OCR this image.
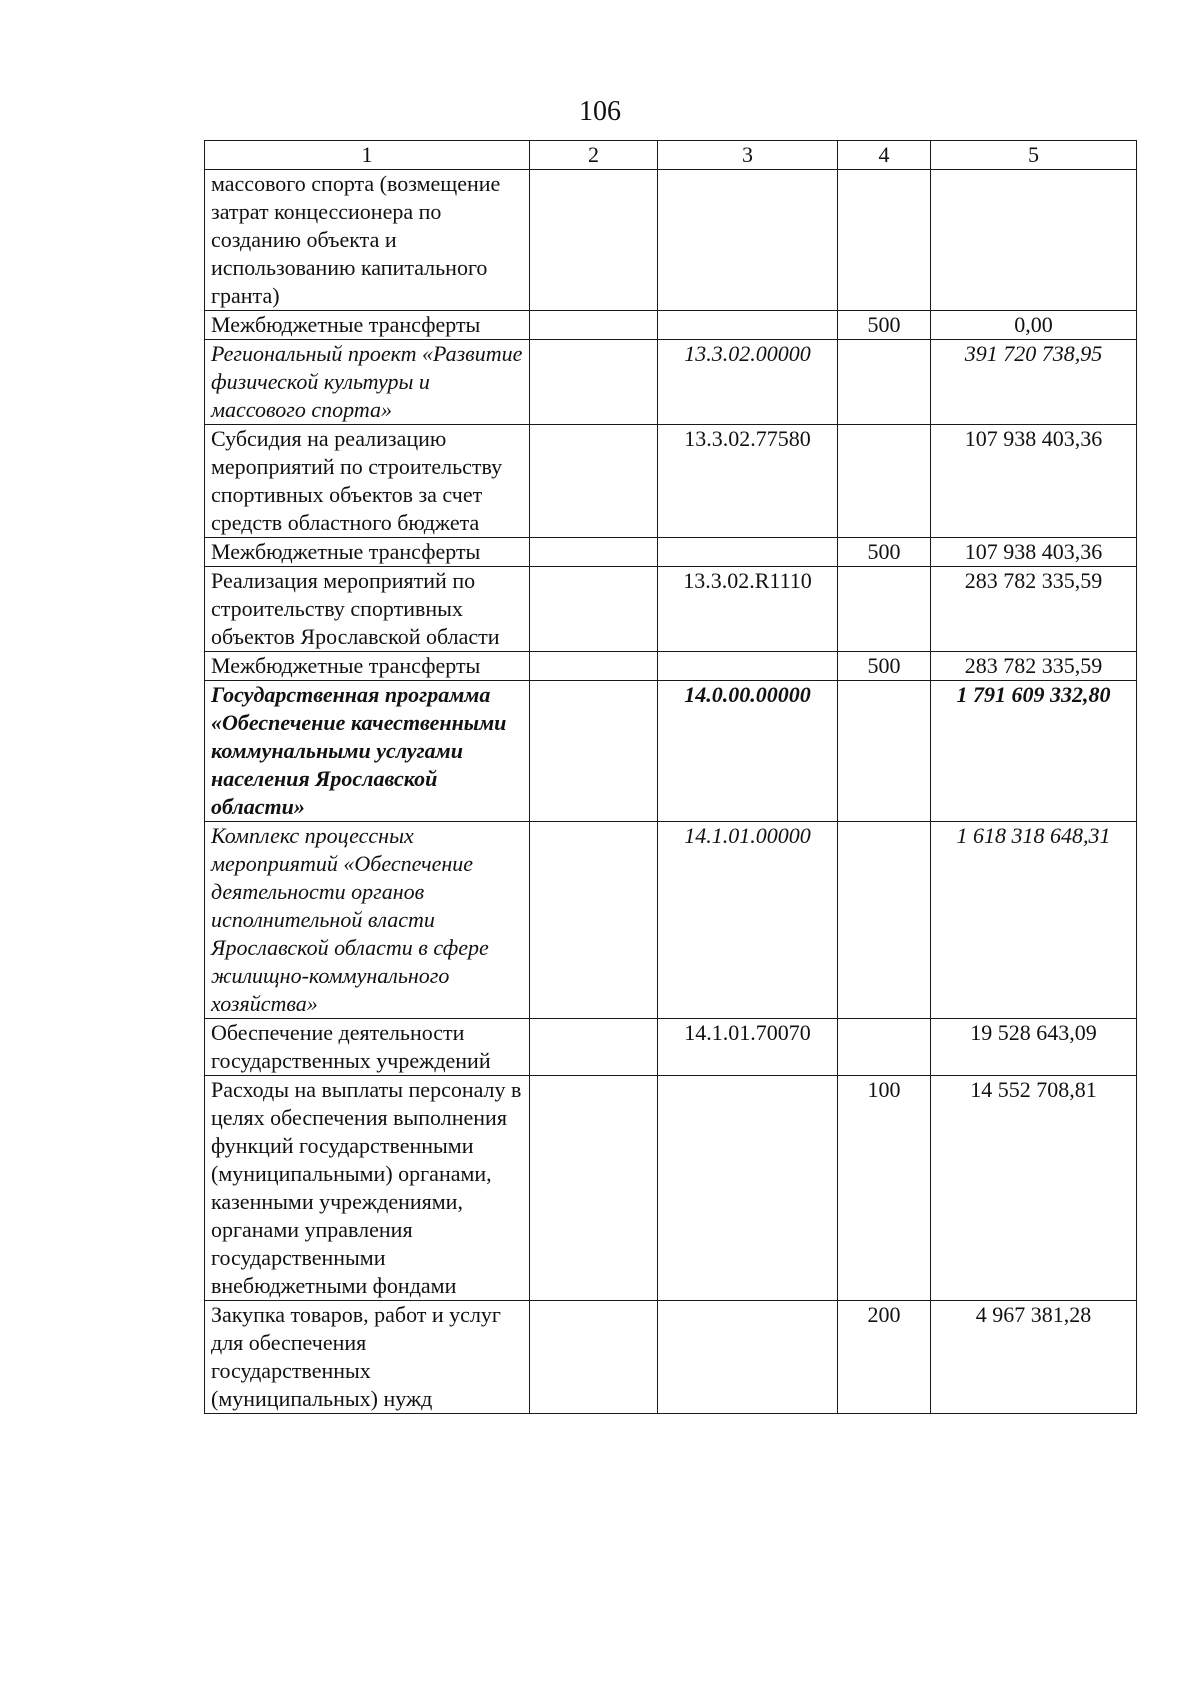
106
1	2	3	4	5
массового спорта (возмещение затрат концессионера по созданию объекта и использованию капитального гранта)				
Межбюджетные трансферты			500	0,00
Региональный проект «Развитие физической культуры и массового спорта»		13.3.02.00000		391 720 738,95
Субсидия на реализацию мероприятий по строительству спортивных объектов за счет средств областного бюджета		13.3.02.77580		107 938 403,36
Межбюджетные трансферты			500	107 938 403,36
Реализация мероприятий по строительству спортивных объектов Ярославской области		13.3.02.R1110		283 782 335,59
Межбюджетные трансферты			500	283 782 335,59
Государственная программа «Обеспечение качественными коммунальными услугами населения Ярославской области»		14.0.00.00000		1 791 609 332,80
Комплекс процессных мероприятий «Обеспечение деятельности органов исполнительной власти Ярославской области в сфере жилищно-коммунального хозяйства»		14.1.01.00000		1 618 318 648,31
Обеспечение деятельности государственных учреждений		14.1.01.70070		19 528 643,09
Расходы на выплаты персоналу в целях обеспечения выполнения функций государственными (муниципальными) органами, казенными учреждениями, органами управления государственными внебюджетными фондами			100	14 552 708,81
Закупка товаров, работ и услуг для обеспечения государственных (муниципальных) нужд			200	4 967 381,28
